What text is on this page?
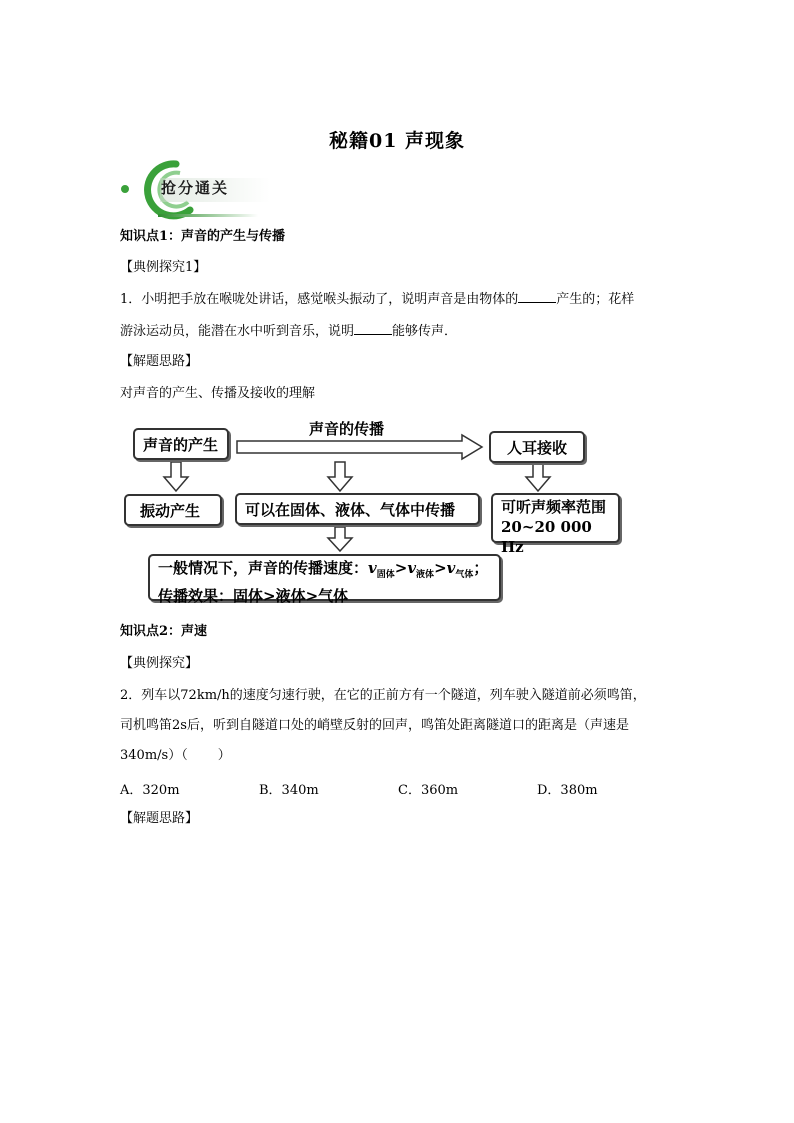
秘籍01 声现象
抢分通关
知识点1：声音的产生与传播
【典例探究1】
1．小明把手放在喉咙处讲话，感觉喉头振动了，说明声音是由物体的	产生的；花样
游泳运动员，能潜在水中听到音乐，说明	能够传声．
【解题思路】
对声音的产生、传播及接收的理解
声音的产生
声音的传播
人耳接收
振动产生	可以在固体、液体、气体中传播	可听声频率范围
20~20 000 Hz
一般情况下，声音的传播速度：$v_{固体}>v_{液体}>v_{气体}$；
传播效果：固体>液体>气体
知识点2：声速
【典例探究】
2．列车以72km/h的速度匀速行驶，在它的正前方有一个隧道，列车驶入隧道前必须鸣笛，
司机鸣笛2s后，听到自隧道口处的峭壁反射的回声，鸣笛处距离隧道口的距离是（声速是
340m/s）（ ）
A．320m	B．340m	C．360m	D．380m
【解题思路】
